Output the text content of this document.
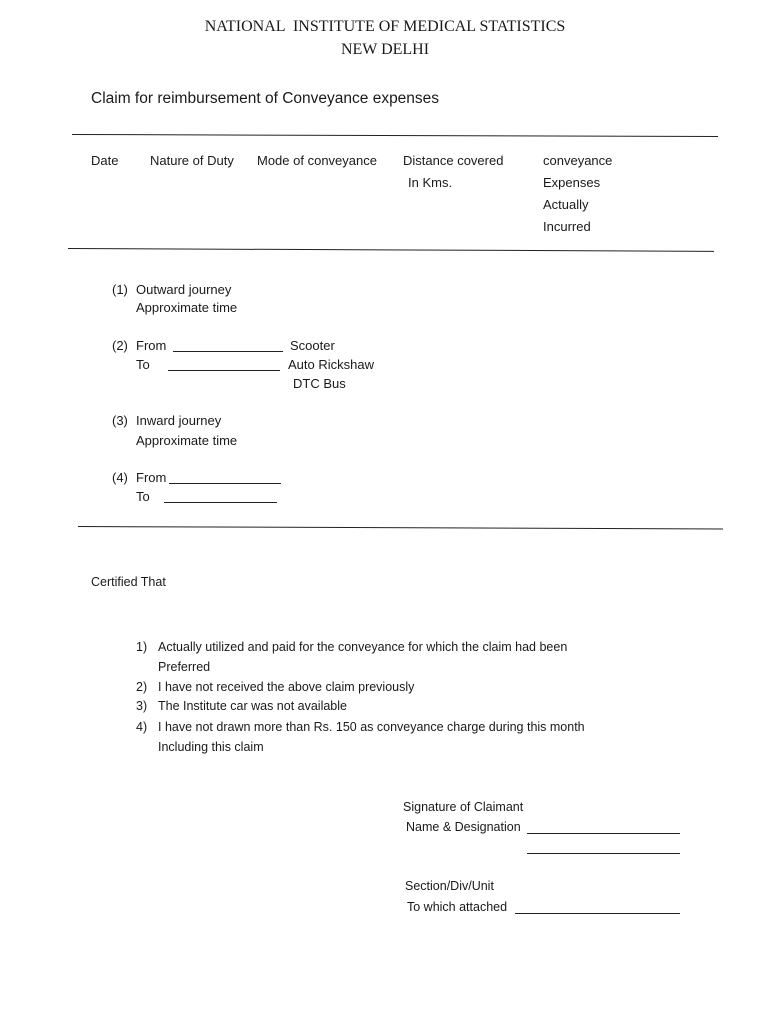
NATIONAL  INSTITUTE OF MEDICAL STATISTICS
NEW DELHI
Claim for reimbursement of Conveyance expenses
Date Nature of Duty Mode of conveyance Distance covered
In Kms.
conveyance
Expenses
Actually
Incurred
(1) Outward journey
Approximate time
(2) From	Scooter
To	Auto Rickshaw
DTC Bus
(3) Inward journey
Approximate time
(4) From
To
Certified That
1) Actually utilized and paid for the conveyance for which the claim had been
Preferred
2) I have not received the above claim previously
3) The Institute car was not available
4) I have not drawn more than Rs. 150 as conveyance charge during this month
Including this claim
Signature of Claimant
Name & Designation
Section/Div/Unit
To which attached
